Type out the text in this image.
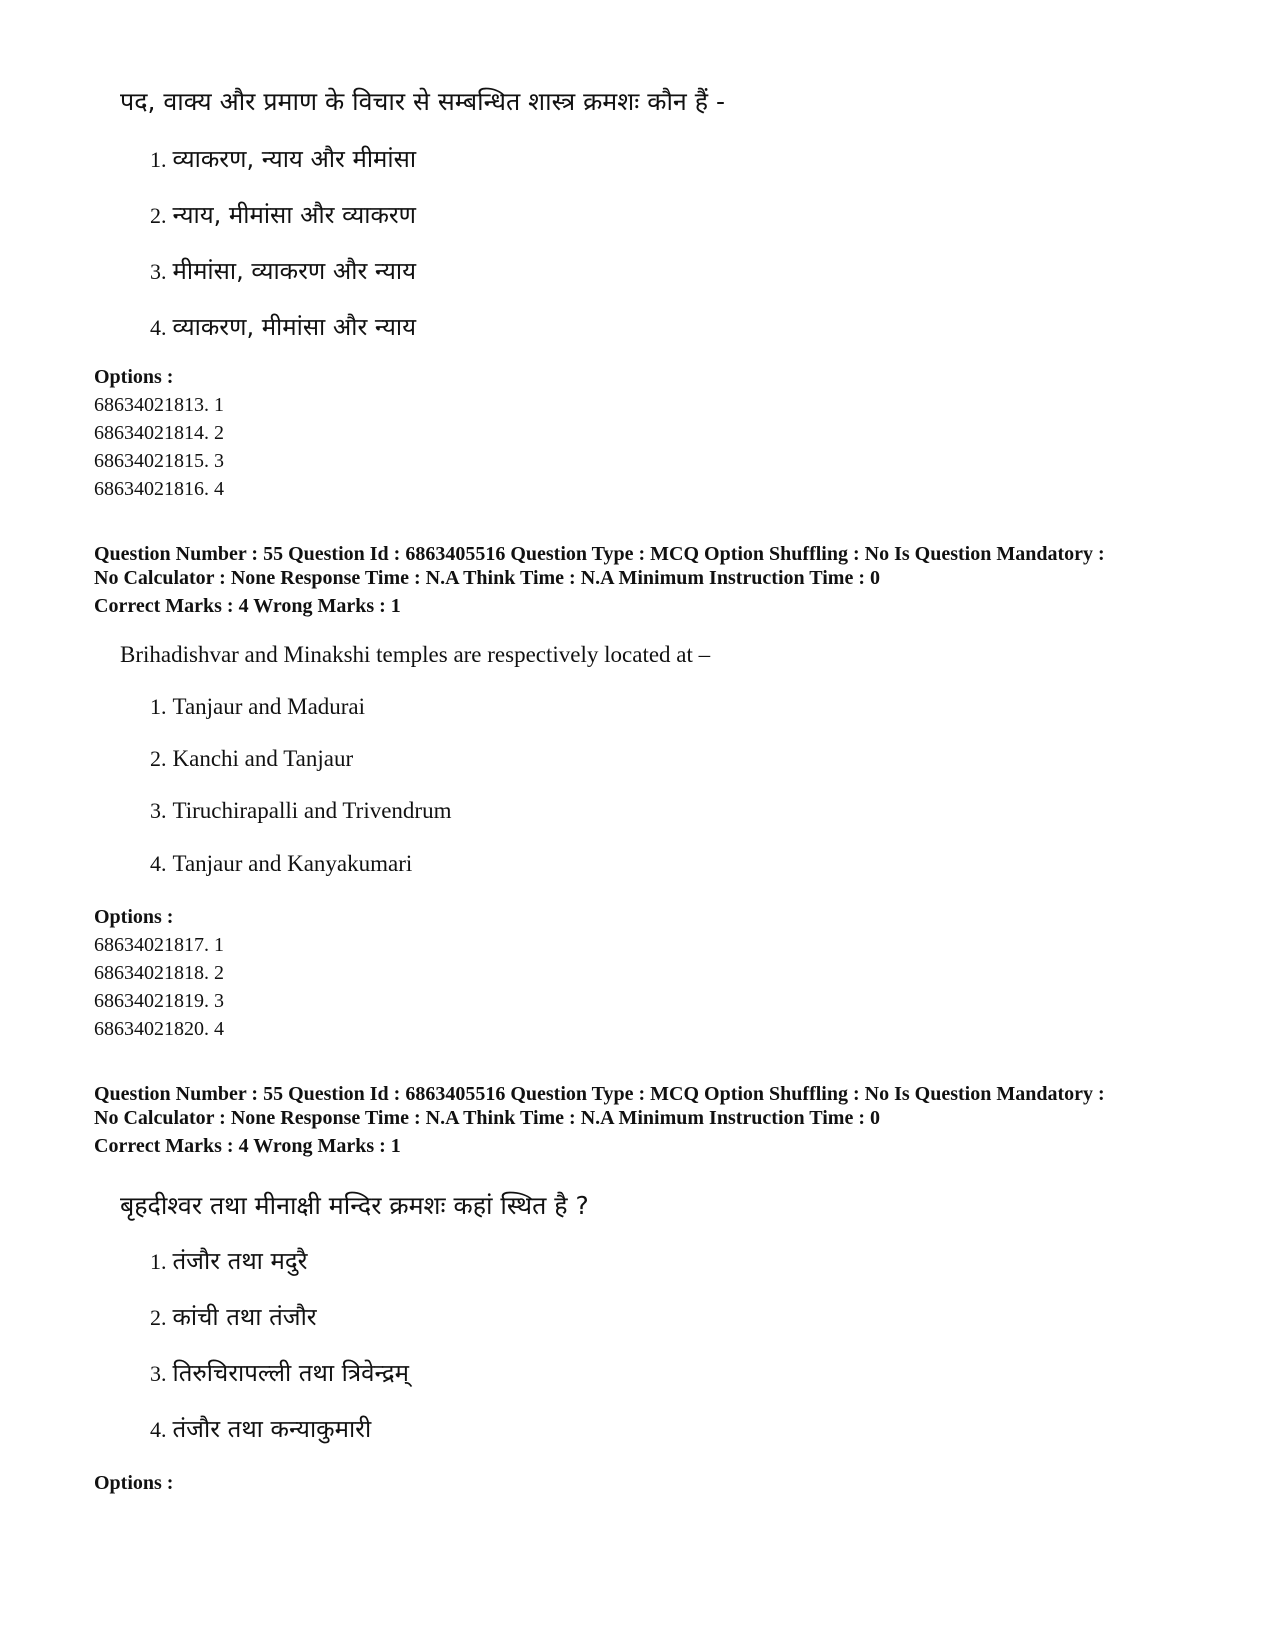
पद, वाक्य और प्रमाण के विचार से सम्बन्धित शास्त्र क्रमशः कौन हैं -
1. व्याकरण, न्याय और मीमांसा
2. न्याय, मीमांसा और व्याकरण
3. मीमांसा, व्याकरण और न्याय
4. व्याकरण, मीमांसा और न्याय
Options :
68634021813. 1
68634021814. 2
68634021815. 3
68634021816. 4
Question Number : 55 Question Id : 6863405516 Question Type : MCQ Option Shuffling : No Is Question Mandatory :
No Calculator : None Response Time : N.A Think Time : N.A Minimum Instruction Time : 0
Correct Marks : 4 Wrong Marks : 1
Brihadishvar and Minakshi temples are respectively located at –
1. Tanjaur and Madurai
2. Kanchi and Tanjaur
3. Tiruchirapalli and Trivendrum
4. Tanjaur and Kanyakumari
Options :
68634021817. 1
68634021818. 2
68634021819. 3
68634021820. 4
Question Number : 55 Question Id : 6863405516 Question Type : MCQ Option Shuffling : No Is Question Mandatory :
No Calculator : None Response Time : N.A Think Time : N.A Minimum Instruction Time : 0
Correct Marks : 4 Wrong Marks : 1
बृहदीश्वर तथा मीनाक्षी मन्दिर क्रमशः कहां स्थित है ?
1. तंजौर तथा मदुरै
2. कांची तथा तंजौर
3. तिरुचिरापल्ली तथा त्रिवेन्द्रम्
4. तंजौर तथा कन्याकुमारी
Options :
